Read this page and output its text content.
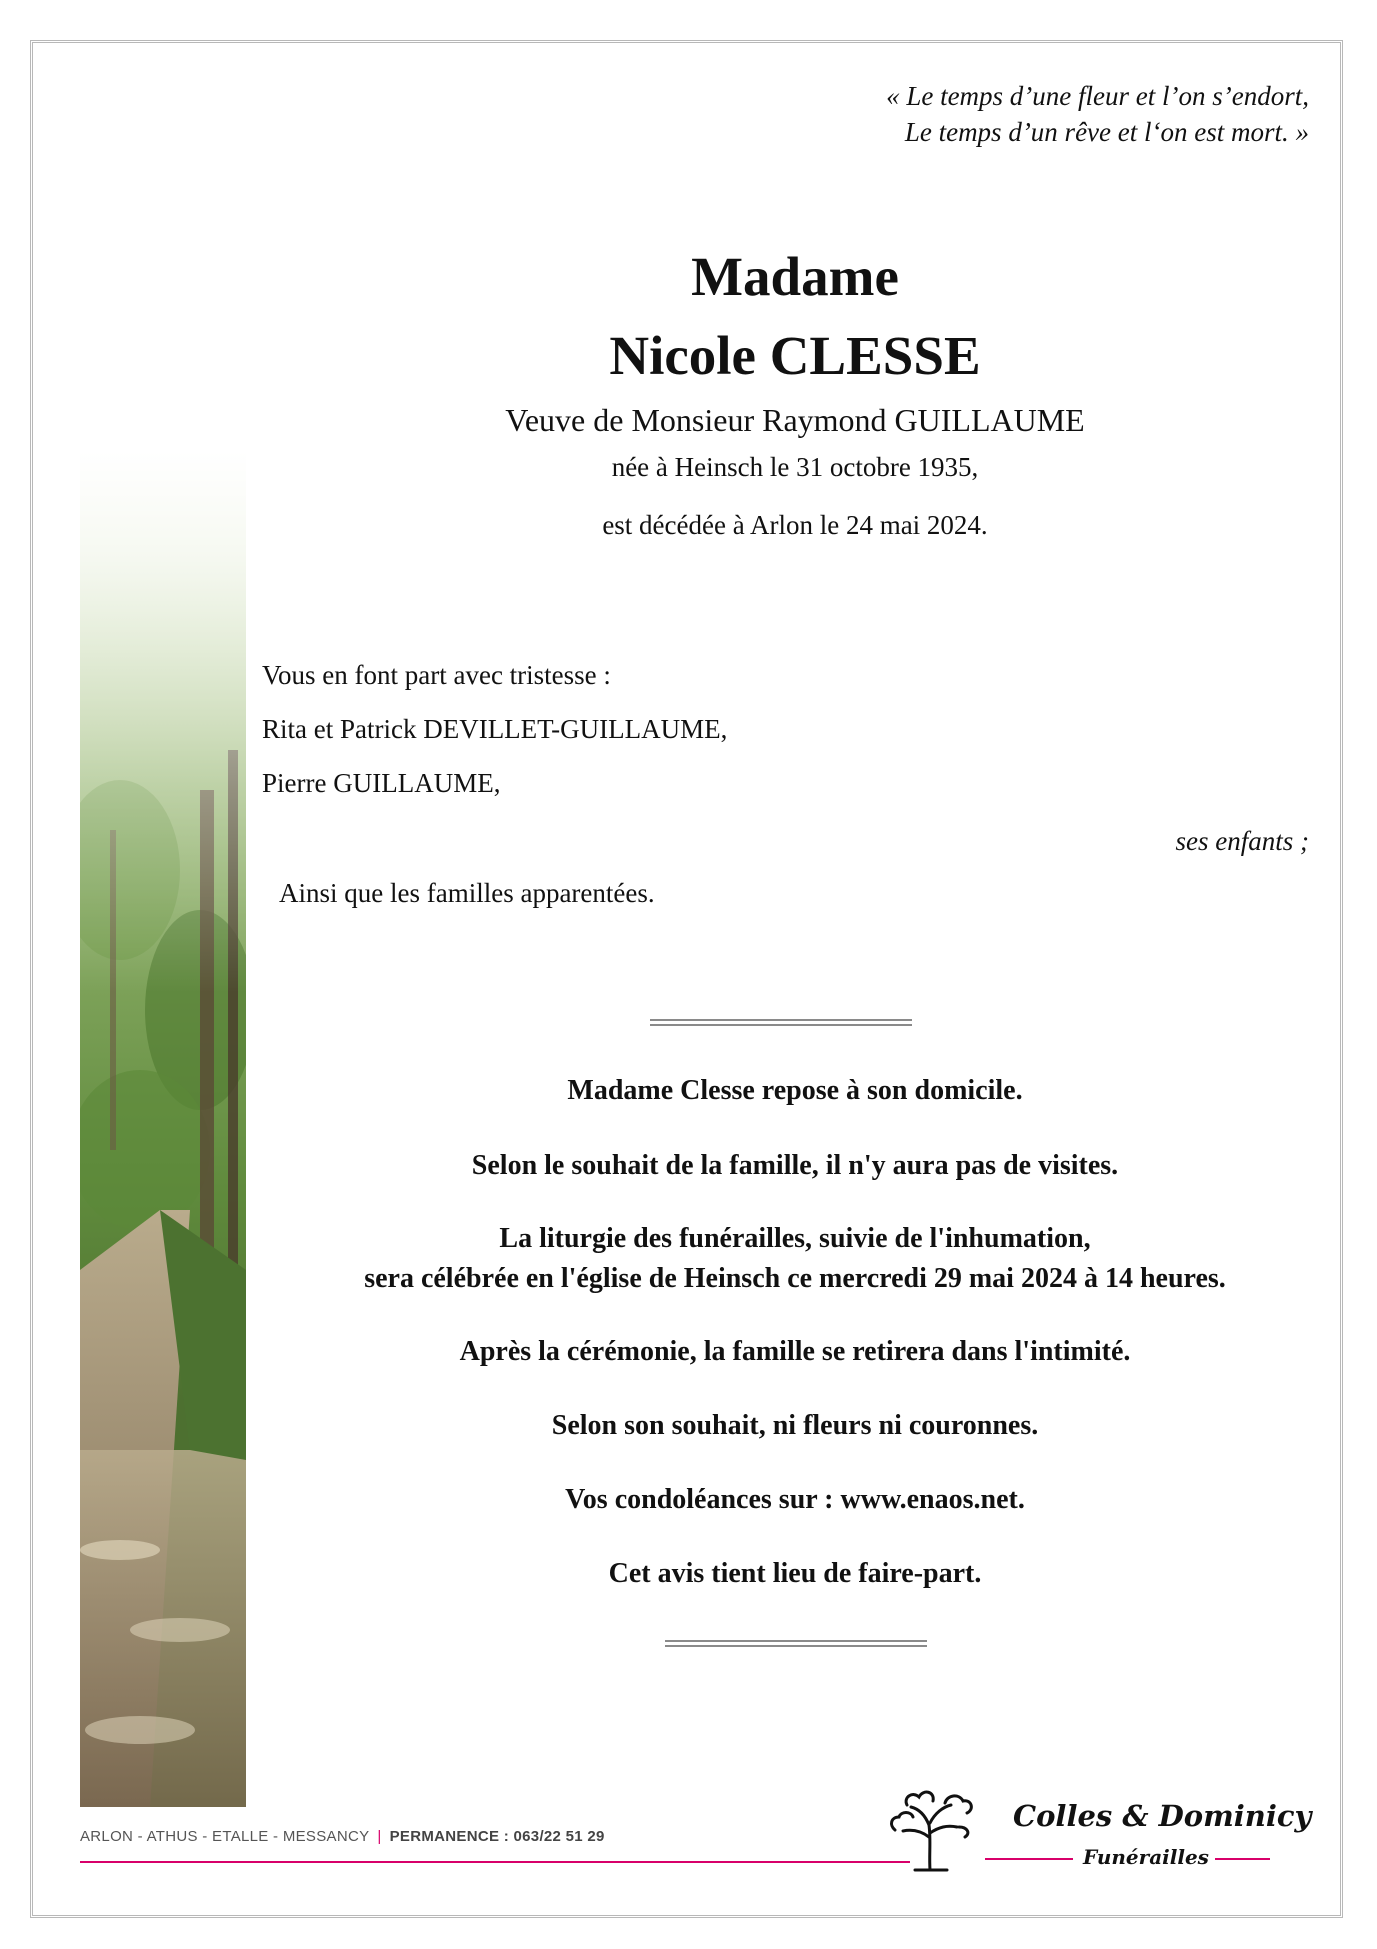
« Le temps d’une fleur et l’on s’endort,
Le temps d’un rêve et l‘on est mort. »
Madame
Nicole CLESSE
Veuve de Monsieur Raymond GUILLAUME
née à Heinsch le 31 octobre 1935,
est décédée à Arlon le 24 mai 2024.
Vous en font part avec tristesse :
Rita et Patrick DEVILLET-GUILLAUME,
Pierre GUILLAUME,
ses enfants ;
Ainsi que les familles apparentées.
Madame Clesse repose à son domicile.
Selon le souhait de la famille, il n'y aura pas de visites.
La liturgie des funérailles, suivie de l'inhumation,
sera célébrée en l'église de Heinsch ce mercredi 29 mai 2024 à 14 heures.
Après la cérémonie, la famille se retirera dans l'intimité.
Selon son souhait, ni fleurs ni couronnes.
Vos condoléances sur : www.enaos.net.
Cet avis tient lieu de faire-part.
ARLON - ATHUS - ETALLE - MESSANCY | PERMANENCE : 063/22 51 29
Colles & Dominicy
Funérailles
